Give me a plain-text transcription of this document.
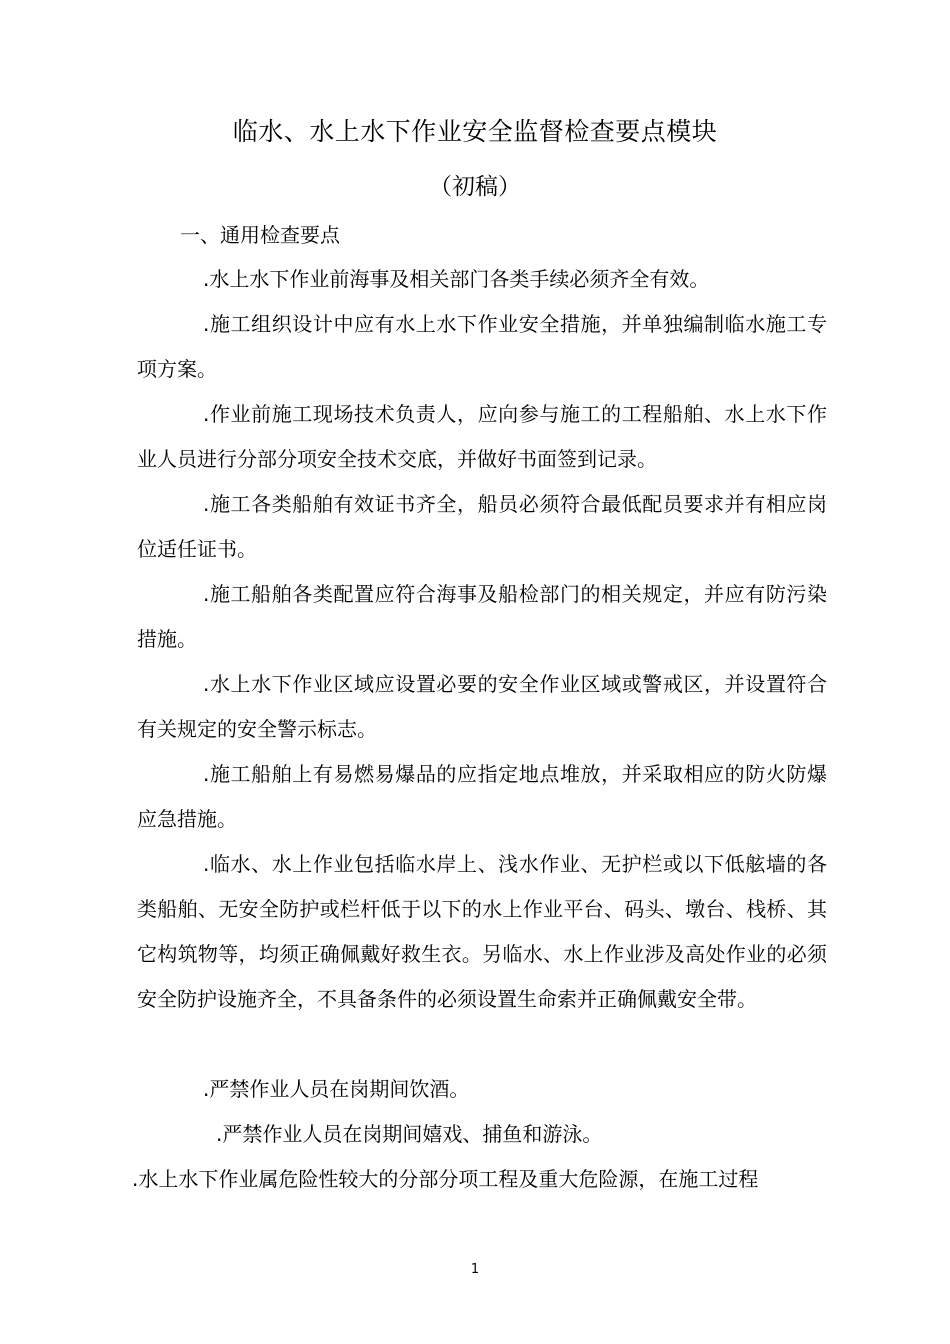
临水、水上水下作业安全监督检查要点模块
（初稿）
一、通用检查要点

.水上水下作业前海事及相关部门各类手续必须齐全有效。

.施工组织设计中应有水上水下作业安全措施，并单独编制临水施工专项方案。

.作业前施工现场技术负责人，应向参与施工的工程船舶、水上水下作业人员进行分部分项安全技术交底，并做好书面签到记录。

.施工各类船舶有效证书齐全，船员必须符合最低配员要求并有相应岗位适任证书。

.施工船舶各类配置应符合海事及船检部门的相关规定，并应有防污染措施。

.水上水下作业区域应设置必要的安全作业区域或警戒区，并设置符合有关规定的安全警示标志。

.施工船舶上有易燃易爆品的应指定地点堆放，并采取相应的防火防爆应急措施。

.临水、水上作业包括临水岸上、浅水作业、无护栏或以下低舷墙的各类船舶、无安全防护或栏杆低于以下的水上作业平台、码头、墩台、栈桥、其它构筑物等，均须正确佩戴好救生衣。另临水、水上作业涉及高处作业的必须安全防护设施齐全，不具备条件的必须设置生命索并正确佩戴安全带。

.严禁作业人员在岗期间饮酒。

.严禁作业人员在岗期间嬉戏、捕鱼和游泳。

.水上水下作业属危险性较大的分部分项工程及重大危险源，在施工过程

1
